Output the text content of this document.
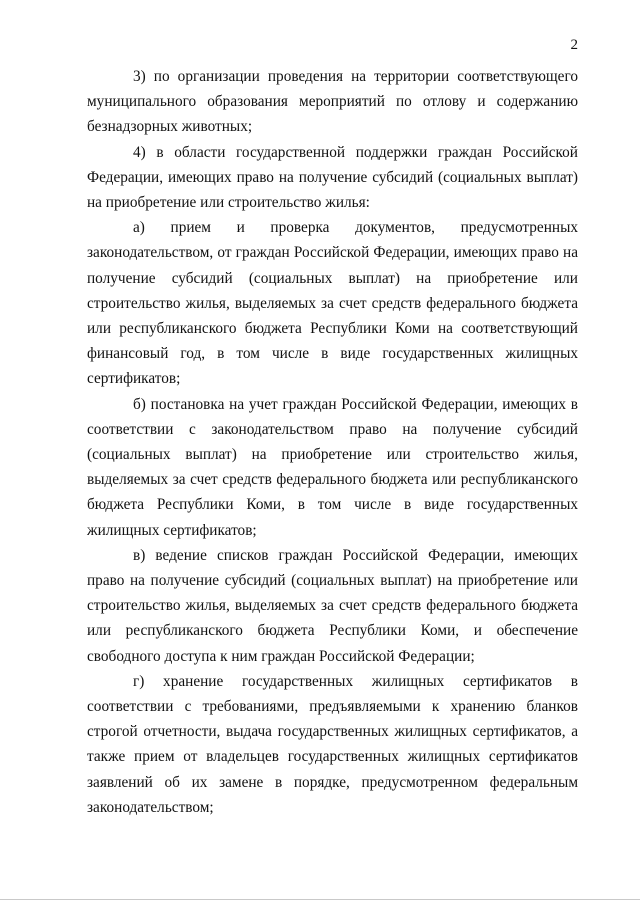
2

3) по организации проведения на территории соответствующего муниципального образования мероприятий по отлову и содержанию безнадзорных животных;

4) в области государственной поддержки граждан Российской Федерации, имеющих право на получение субсидий (социальных выплат) на приобретение или строительство жилья:

а) прием и проверка документов, предусмотренных законодательством, от граждан Российской Федерации, имеющих право на получение субсидий (социальных выплат) на приобретение или строительство жилья, выделяемых за счет средств федерального бюджета или республиканского бюджета Республики Коми на соответствующий финансовый год, в том числе в виде государственных жилищных сертификатов;

б) постановка на учет граждан Российской Федерации, имеющих в соответствии с законодательством право на получение субсидий (социальных выплат) на приобретение или строительство жилья, выделяемых за счет средств федерального бюджета или республиканского бюджета Республики Коми, в том числе в виде государственных жилищных сертификатов;

в) ведение списков граждан Российской Федерации, имеющих право на получение субсидий (социальных выплат) на приобретение или строительство жилья, выделяемых за счет средств федерального бюджета или республиканского бюджета Республики Коми, и обеспечение свободного доступа к ним граждан Российской Федерации;

г) хранение государственных жилищных сертификатов в соответствии с требованиями, предъявляемыми к хранению бланков строгой отчетности, выдача государственных жилищных сертификатов, а также прием от владельцев государственных жилищных сертификатов заявлений об их замене в порядке, предусмотренном федеральным законодательством;
